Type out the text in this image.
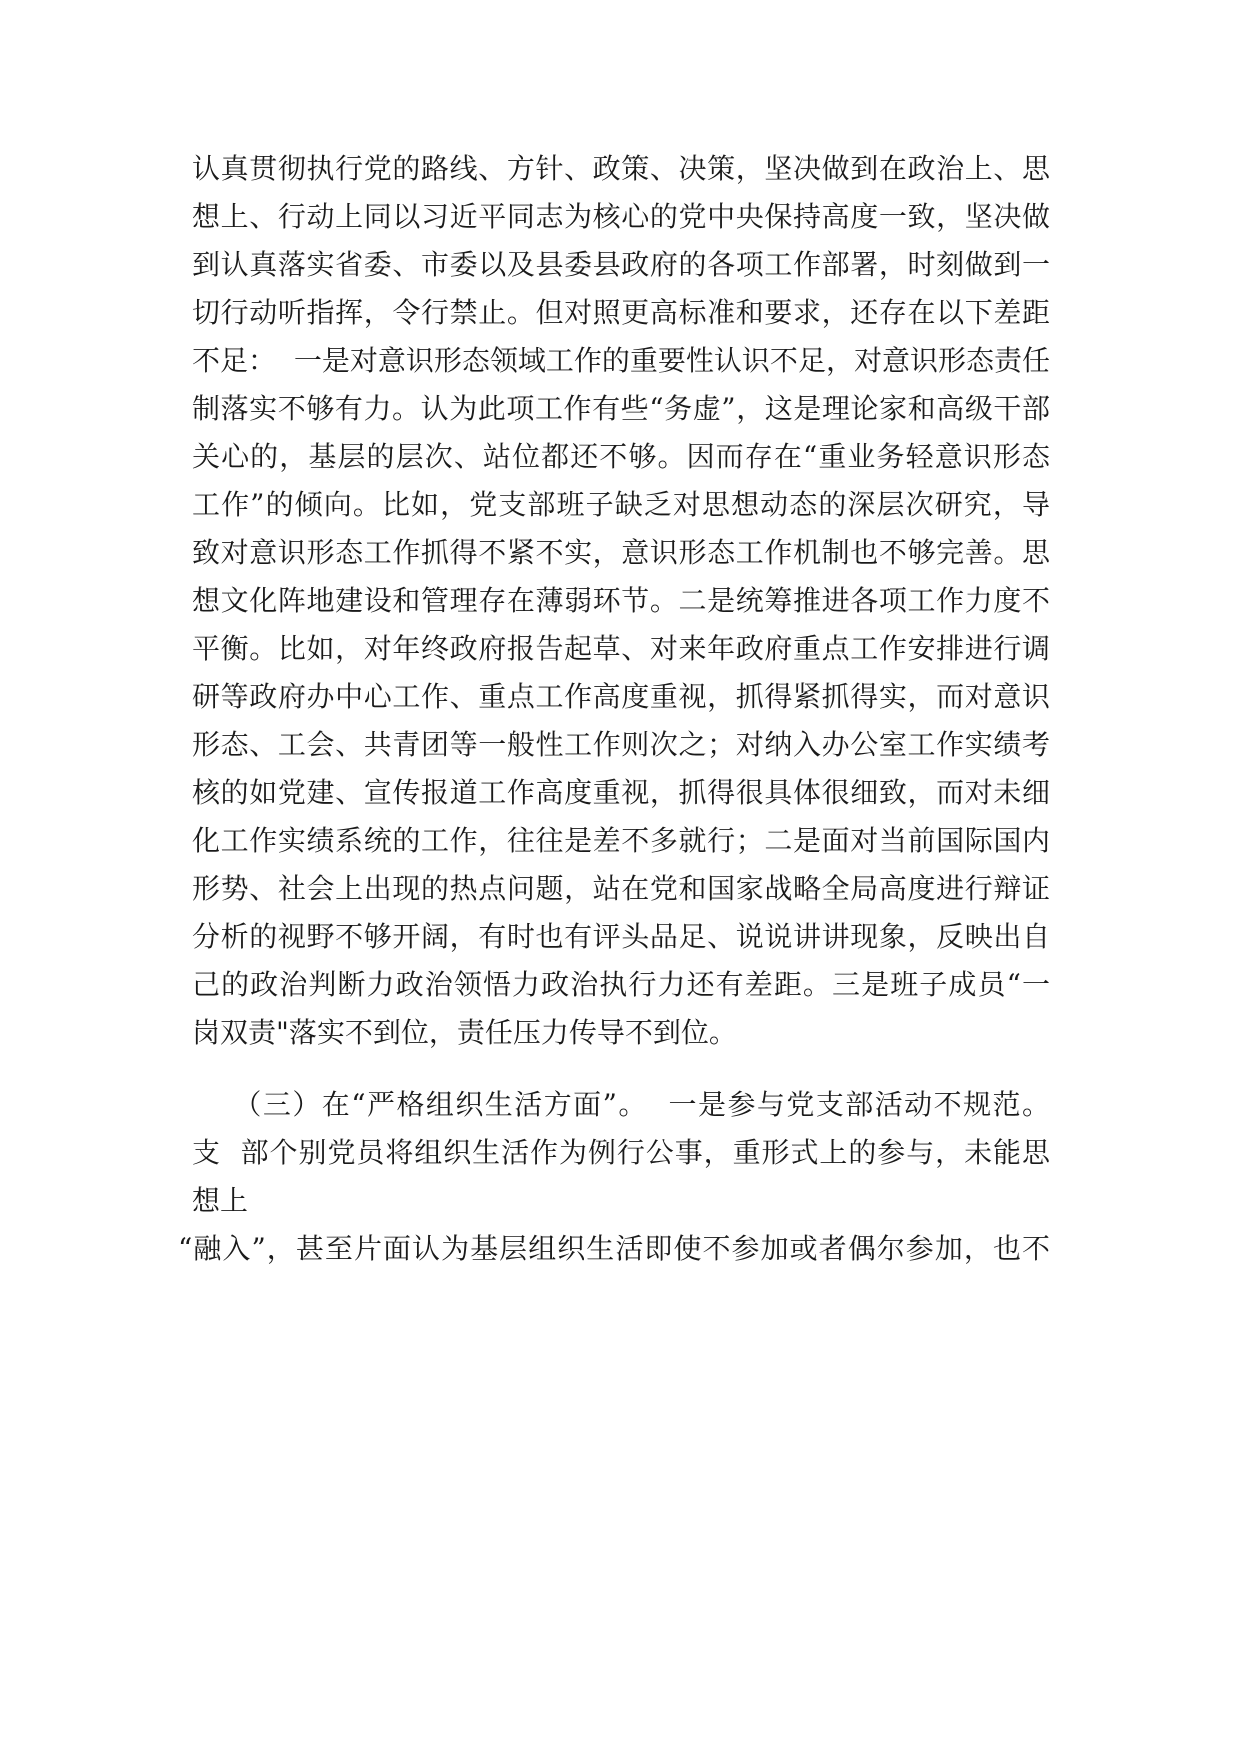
认真贯彻执行党的路线、方针、政策、决策，坚决做到在政治上、思
想上、行动上同以习近平同志为核心的党中央保持高度一致，坚决做
到认真落实省委、市委以及县委县政府的各项工作部署，时刻做到一
切行动听指挥，令行禁止。但对照更高标准和要求，还存在以下差距
不足：  一是对意识形态领域工作的重要性认识不足，对意识形态责任
制落实不够有力。认为此项工作有些“务虚”，这是理论家和高级干部
关心的，基层的层次、站位都还不够。因而存在“重业务轻意识形态
工作”的倾向。比如，党支部班子缺乏对思想动态的深层次研究，导
致对意识形态工作抓得不紧不实，意识形态工作机制也不够完善。思
想文化阵地建设和管理存在薄弱环节。二是统筹推进各项工作力度不
平衡。比如，对年终政府报告起草、对来年政府重点工作安排进行调
研等政府办中心工作、重点工作高度重视，抓得紧抓得实，而对意识
形态、工会、共青团等一般性工作则次之；对纳入办公室工作实绩考
核的如党建、宣传报道工作高度重视，抓得很具体很细致，而对未细
化工作实绩系统的工作，往往是差不多就行；二是面对当前国际国内
形势、社会上出现的热点问题，站在党和国家战略全局高度进行辩证
分析的视野不够开阔，有时也有评头品足、说说讲讲现象，反映出自
己的政治判断力政治领悟力政治执行力还有差距。三是班子成员“一
岗双责"落实不到位，责任压力传导不到位。
（三）在“严格组织生活方面”。  一是参与党支部活动不规范。
支  部个别党员将组织生活作为例行公事，重形式上的参与，未能思
想上
“融入”，甚至片面认为基层组织生活即使不参加或者偶尔参加，也不
